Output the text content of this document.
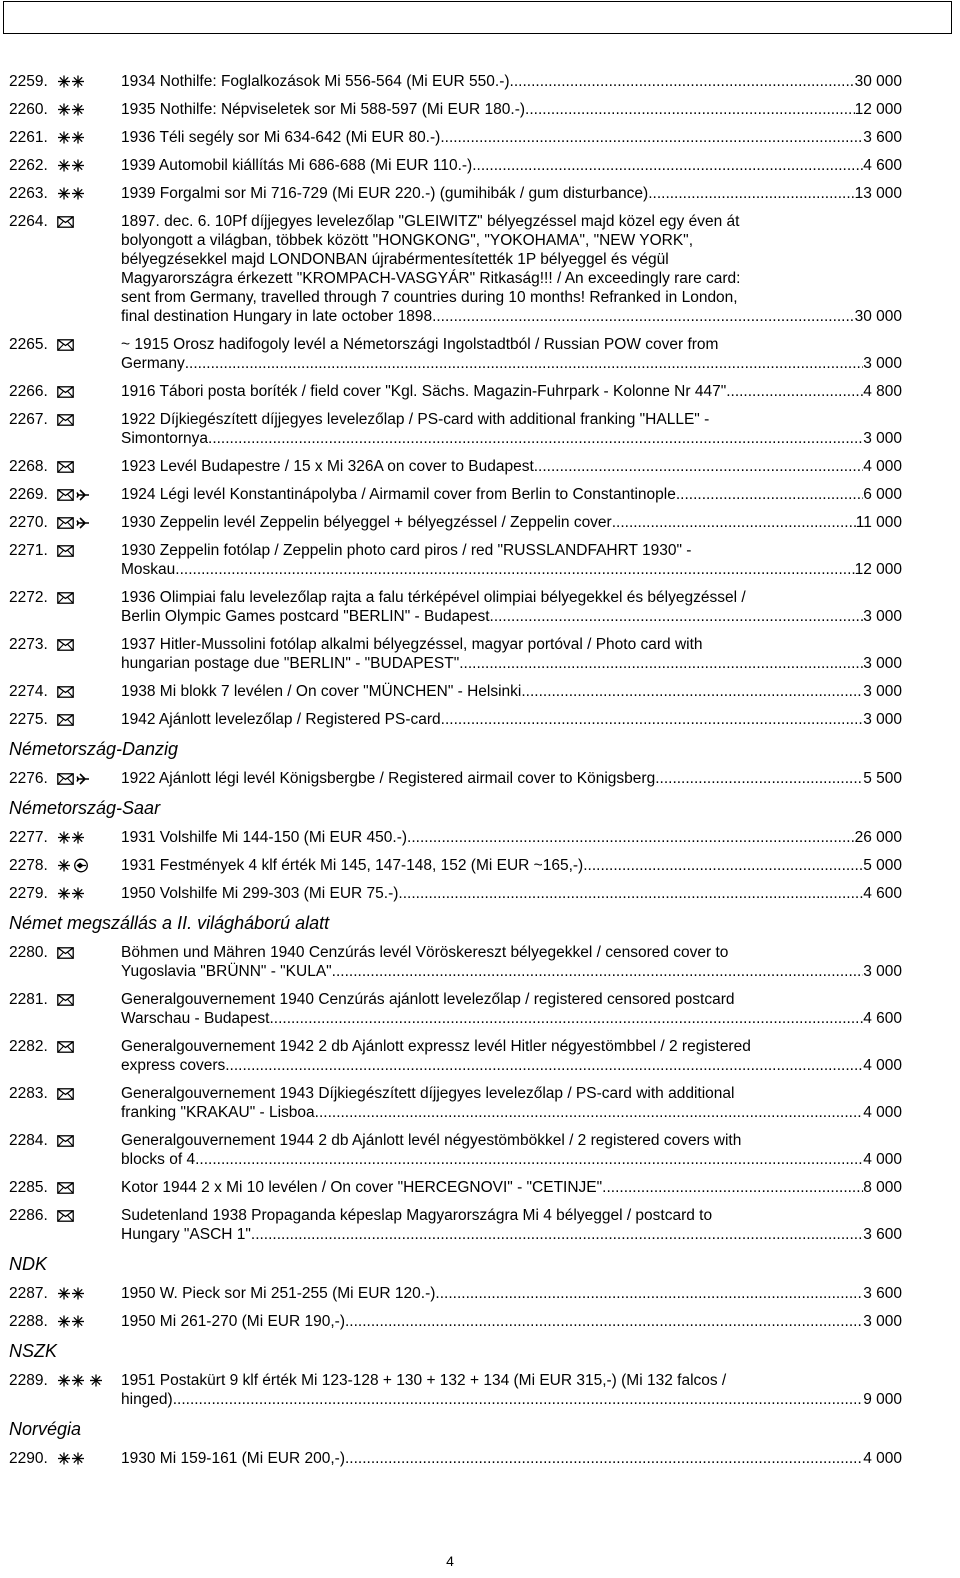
2259.	1934 Nothilfe: Foglalkozások Mi 556-564 (Mi EUR 550.-) .....	30 000
2260.	1935 Nothilfe: Népviseletek sor Mi 588-597 (Mi EUR 180.-) .....	12 000
2261.	1936 Téli segély sor Mi 634-642 (Mi EUR 80.-) .....	3 600
2262.	1939 Automobil kiállítás Mi 686-688 (Mi EUR 110.-) .....	4 600
2263.	1939 Forgalmi sor Mi 716-729 (Mi EUR 220.-) (gumihibák / gum disturbance) .....	13 000
2264.	1897. dec. 6. 10Pf díjjegyes levelezőlap "GLEIWITZ" bélyegzéssel majd közel egy éven át
bolyongott a világban, többek között "HONGKONG", "YOKOHAMA", "NEW YORK",
bélyegzésekkel majd LONDONBAN újrabérmentesítették 1P bélyeggel és végül
Magyarországra érkezett "KROMPACH-VASGYÁR" Ritkaság!!! / An exceedingly rare card:
sent from Germany, travelled through 7 countries during 10 months! Refranked in London,
final destination Hungary in late october 1898. .....	30 000
2265.	~ 1915 Orosz hadifogoly levél a Németországi Ingolstadtból / Russian POW cover from
Germany .....	3 000
2266.	1916 Tábori posta boríték / field cover "Kgl. Sächs. Magazin-Fuhrpark - Kolonne Nr 447" .....	4 800
2267.	1922 Díjkiegészített díjjegyes levelezőlap / PS-card with additional franking "HALLE" -
Simontornya .....	3 000
2268.	1923 Levél Budapestre / 15 x Mi 326A on cover to Budapest .....	4 000
2269.	1924 Légi levél Konstantinápolyba / Airmamil cover from Berlin to Constantinople .....	6 000
2270.	1930 Zeppelin levél Zeppelin bélyeggel + bélyegzéssel / Zeppelin cover .....	11 000
2271.	1930 Zeppelin fotólap / Zeppelin photo card piros / red "RUSSLANDFAHRT 1930" -
Moskau .....	12 000
2272.	1936 Olimpiai falu levelezőlap rajta a falu térképével olimpiai bélyegekkel és bélyegzéssel /
Berlin Olympic Games postcard "BERLIN" - Budapest .....	3 000
2273.	1937 Hitler-Mussolini fotólap alkalmi bélyegzéssel, magyar portóval / Photo card with
hungarian postage due "BERLIN" - "BUDAPEST" .....	3 000
2274.	1938 Mi blokk 7 levélen / On cover "MÜNCHEN" - Helsinki .....	3 000
2275.	1942 Ajánlott levelezőlap / Registered PS-card .....	3 000
Németország-Danzig
2276.	1922 Ajánlott légi levél Königsbergbe / Registered airmail cover to Königsberg .....	5 500
Németország-Saar
2277.	1931 Volshilfe Mi 144-150 (Mi EUR 450.-) .....	26 000
2278.	1931 Festmények 4 klf érték Mi 145, 147-148, 152 (Mi EUR ~165,-) .....	5 000
2279.	1950 Volshilfe Mi 299-303 (Mi EUR 75.-) .....	4 600
Német megszállás a II. világháború alatt
2280.	Böhmen und Mähren 1940 Cenzúrás levél Vöröskereszt bélyegekkel / censored cover to
Yugoslavia "BRÜNN" - "KULA" .....	3 000
2281.	Generalgouvernement 1940 Cenzúrás ajánlott levelezőlap / registered censored postcard
Warschau - Budapest .....	4 600
2282.	Generalgouvernement 1942 2 db Ajánlott expressz levél Hitler négyestömbbel / 2 registered
express covers .....	4 000
2283.	Generalgouvernement 1943 Díjkiegészített díjjegyes levelezőlap / PS-card with additional
franking "KRAKAU" - Lisboa .....	4 000
2284.	Generalgouvernement 1944 2 db Ajánlott levél négyestömbökkel / 2 registered covers with
blocks of 4 .....	4 000
2285.	Kotor 1944 2 x Mi 10 levélen / On cover "HERCEGNOVI" - "CETINJE" .....	8 000
2286.	Sudetenland 1938 Propaganda képeslap Magyarországra Mi 4 bélyeggel / postcard to
Hungary "ASCH 1" .....	3 600
NDK
2287.	1950 W. Pieck sor Mi 251-255 (Mi EUR 120.-) .....	3 600
2288.	1950 Mi 261-270 (Mi EUR 190,-) .....	3 000
NSZK
2289.	1951 Postakürt 9 klf érték Mi 123-128 + 130 + 132 + 134 (Mi EUR 315,-) (Mi 132 falcos /
hinged) .....	9 000
Norvégia
2290.	1930 Mi 159-161 (Mi EUR 200,-) .....	4 000
4
